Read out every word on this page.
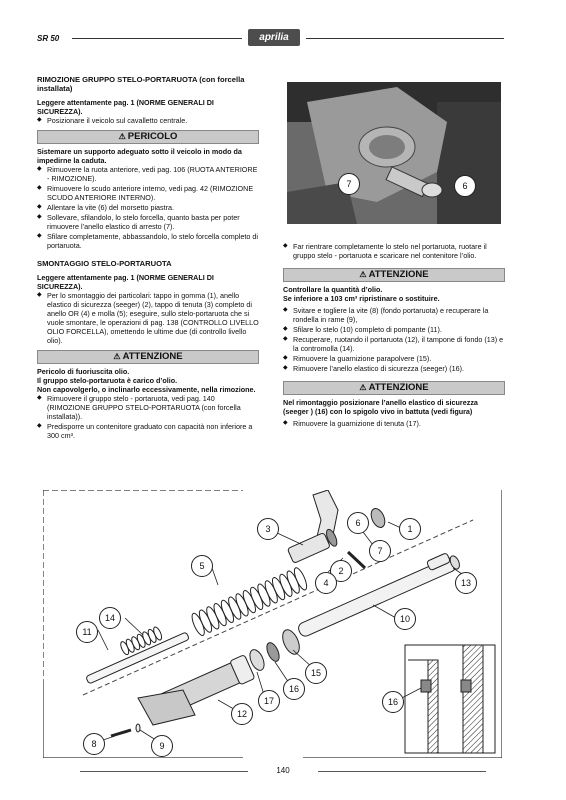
SR 50	aprilia

RIMOZIONE GRUPPO STELO-PORTARUOTA (con forcella installata)

Leggere attentamente pag. 1 (NORME GENERALI DI SICUREZZA).

◆ Posizionare il veicolo sul cavalletto centrale.
⚠ PERICOLO

Sistemare un supporto adeguato sotto il veicolo in modo da impedirne la caduta.

◆ Rimuovere la ruota anteriore, vedi pag. 106 (RUOTA ANTERIORE - RIMOZIONE).
◆ Rimuovere lo scudo anteriore interno, vedi pag. 42 (RIMOZIONE SCUDO ANTERIORE INTERNO).
◆ Allentare la vite (6) del morsetto piastra.
◆ Sollevare, sfilandolo, lo stelo forcella, quanto basta per poter rimuovere l’anello elastico di arresto (7).
◆ Sfilare completamente, abbassandolo, lo stelo forcella completo di portaruota.

SMONTAGGIO STELO-PORTARUOTA

Leggere attentamente pag. 1 (NORME GENERALI DI SICUREZZA).

◆ Per lo smontaggio dei particolari: tappo in gomma (1), anello elastico di sicurezza (seeger) (2), tappo di tenuta (3) completo di anello OR (4) e molla (5); eseguire, sullo stelo-portaruota che si vuole smontare, le operazioni di pag. 138 (CONTROLLO LIVELLO OLIO FORCELLA), omettendo le ultime due (di controllo livello olio).
⚠ ATTENZIONE

Pericolo di fuoriuscita olio.

Il gruppo stelo-portaruota è carico d’olio.

Non capovolgerlo, o inclinarlo eccessivamente, nella rimozione.

◆ Rimuovere il gruppo stelo - portaruota, vedi pag. 140 (RIMOZIONE GRUPPO STELO-PORTARUOTA (con forcella installata)).
◆ Predisporre un contenitore graduato con capacità non inferiore a 300 cm³.
7	6
◆ Far rientrare completamente lo stelo nel portaruota, ruotare il gruppo stelo - portaruota e scaricare nel contenitore l’olio.
⚠ ATTENZIONE

Controllare la quantità d’olio.

Se inferiore a 103 cm³ ripristinare o sostituire.

◆ Svitare e togliere la vite (8) (fondo portaruota) e recuperare la rondella in rame (9),
◆ Sfilare lo stelo (10) completo di pompante (11).
◆ Recuperare, ruotando il portaruota (12), il tampone di fondo (13) e la contromolla (14).
◆ Rimuovere la guarnizione parapolvere (15).
◆ Rimuovere l’anello elastico di sicurezza (seeger) (16).
⚠ ATTENZIONE

Nel rimontaggio posizionare l’anello elastico di sicurezza (seeger ) (16) con lo spigolo vivo in battuta (vedi figura)

◆ Rimuovere la guarnizione di tenuta (17).
1
2
3
4
5
6
7
8	9
10
11
12
13
14
15
16
17	16
140
